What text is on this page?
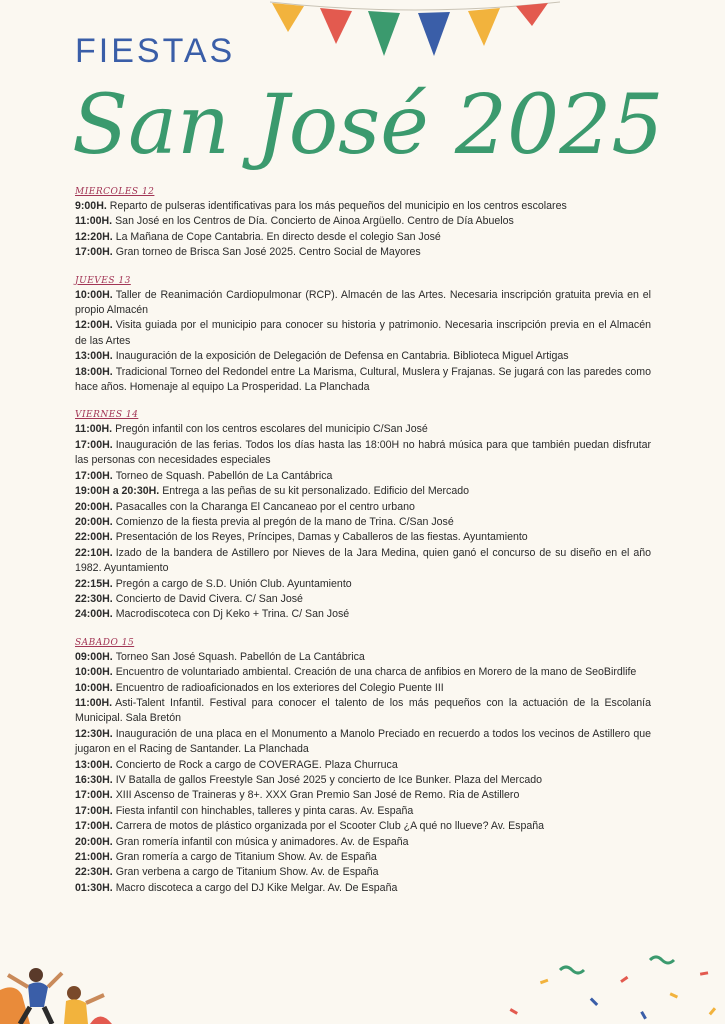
FIESTAS
San José 2025
MIERCOLES 12

9:00H. Reparto de pulseras identificativas para los más pequeños del municipio en los centros escolares

11:00H. San José en los Centros de Día. Concierto de Ainoa Argüello. Centro de Día Abuelos

12:20H. La Mañana de Cope Cantabria. En directo desde el colegio San José

17:00H. Gran torneo de Brisca San José 2025. Centro Social de Mayores

JUEVES 13

10:00H. Taller de Reanimación Cardiopulmonar (RCP). Almacén de las Artes. Necesaria inscripción gratuita previa en el propio Almacén

12:00H. Visita guiada por el municipio para conocer su historia y patrimonio. Necesaria inscripción previa en el Almacén de las Artes

13:00H. Inauguración de la exposición de Delegación de Defensa en Cantabria. Biblioteca Miguel Artigas

18:00H. Tradicional Torneo del Redondel entre La Marisma, Cultural, Muslera y Frajanas. Se jugará con las paredes como hace años. Homenaje al equipo La Prosperidad. La Planchada

VIERNES 14

11:00H. Pregón infantil con los centros escolares del municipio C/San José

17:00H. Inauguración de las ferias. Todos los días hasta las 18:00H no habrá música para que también puedan disfrutar las personas con necesidades especiales

17:00H. Torneo de Squash. Pabellón de La Cantábrica

19:00H a 20:30H. Entrega a las peñas de su kit personalizado. Edificio del Mercado

20:00H. Pasacalles con la Charanga El Cancaneao por el centro urbano

20:00H. Comienzo de la fiesta previa al pregón de la mano de Trina. C/San José

22:00H. Presentación de los Reyes, Príncipes, Damas y Caballeros de las fiestas. Ayuntamiento

22:10H. Izado de la bandera de Astillero por Nieves de la Jara Medina, quien ganó el concurso de su diseño en el año 1982. Ayuntamiento

22:15H. Pregón a cargo de S.D. Unión Club. Ayuntamiento

22:30H. Concierto de David Civera. C/ San José

24:00H. Macrodiscoteca con Dj Keko + Trina. C/ San José

SABADO 15

09:00H. Torneo San José Squash. Pabellón de La Cantábrica

10:00H. Encuentro de voluntariado ambiental. Creación de una charca de anfibios en Morero de la mano de SeoBirdlife

10:00H. Encuentro de radioaficionados en los exteriores del Colegio Puente III

11:00H. Asti-Talent Infantil. Festival para conocer el talento de los más pequeños con la actuación de la Escolanía Municipal. Sala Bretón

12:30H. Inauguración de una placa en el Monumento a Manolo Preciado en recuerdo a todos los vecinos de Astillero que jugaron en el Racing de Santander. La Planchada

13:00H. Concierto de Rock a cargo de COVERAGE. Plaza Churruca

16:30H. IV Batalla de gallos Freestyle San José 2025 y concierto de Ice Bunker. Plaza del Mercado

17:00H. XIII Ascenso de Traineras y 8+. XXX Gran Premio San José de Remo. Ria de Astillero

17:00H. Fiesta infantil con hinchables, talleres y pinta caras. Av. España

17:00H. Carrera de motos de plástico organizada por el Scooter Club ¿A qué no llueve? Av. España

20:00H. Gran romería infantil con música y animadores. Av. de España

21:00H. Gran romería a cargo de Titanium Show. Av. de España

22:30H. Gran verbena a cargo de Titanium Show. Av. de España

01:30H. Macro discoteca a cargo del DJ Kike Melgar. Av. De España
